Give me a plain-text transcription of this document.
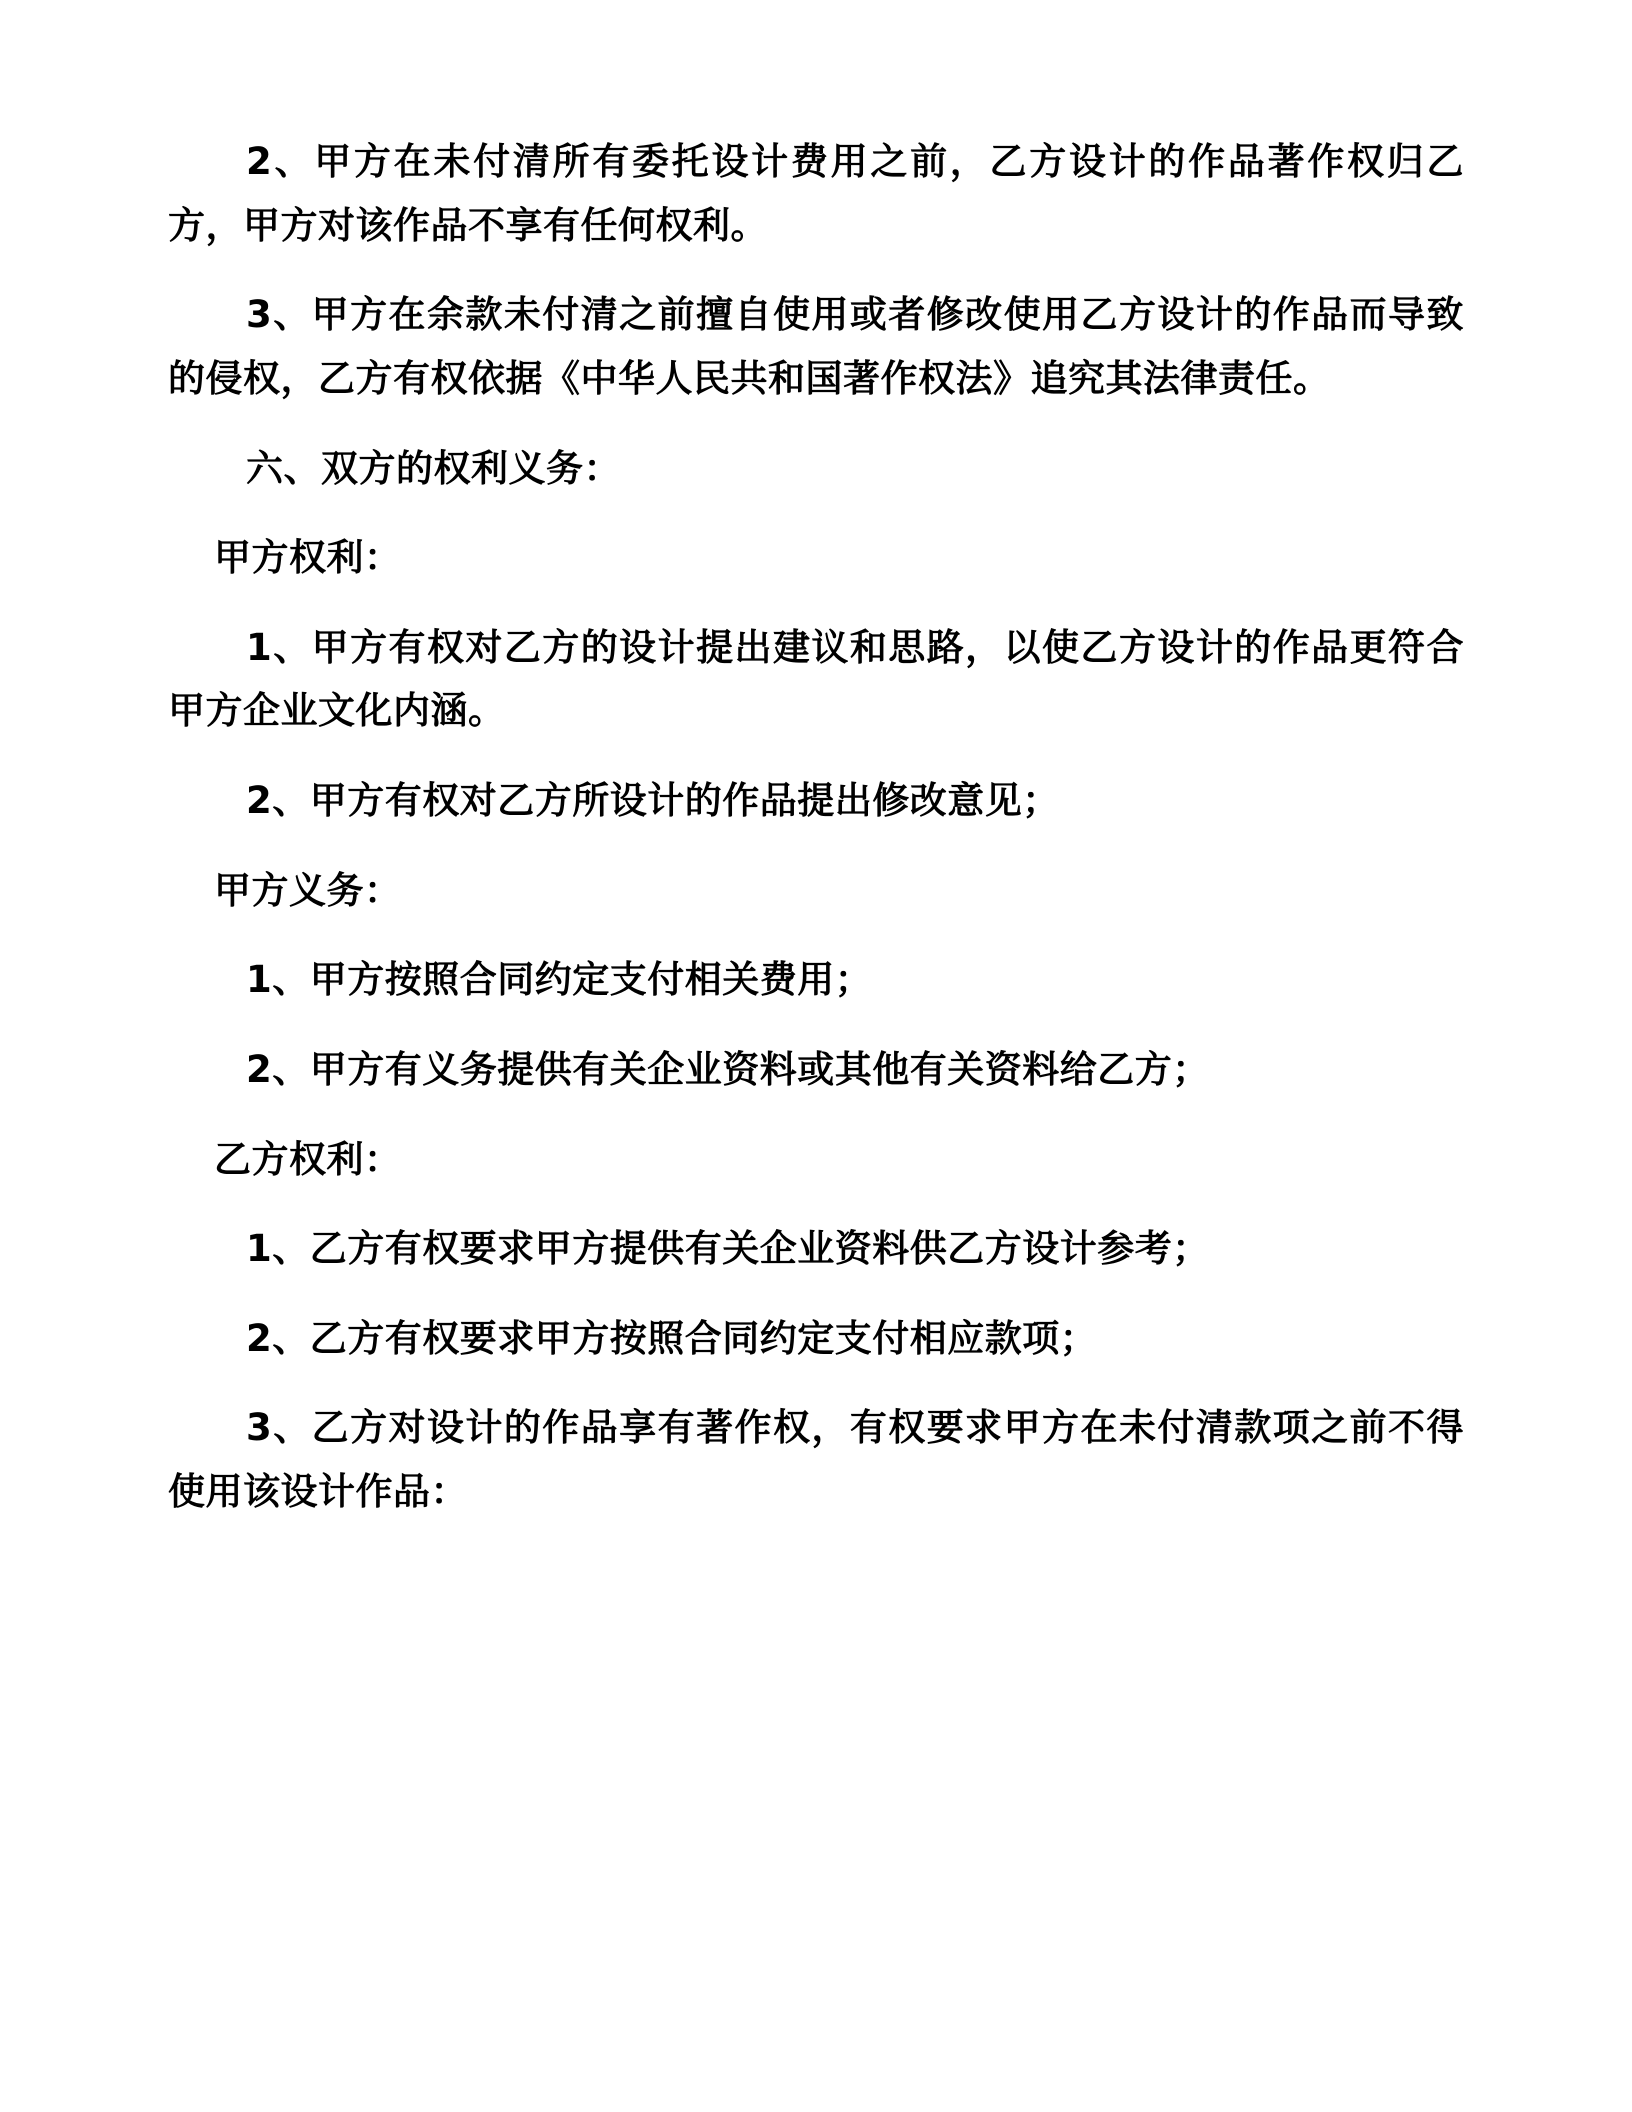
2、甲方在未付清所有委托设计费用之前，乙方设计的作品著作权归乙方，甲方对该作品不享有任何权利。

3、甲方在余款未付清之前擅自使用或者修改使用乙方设计的作品而导致的侵权，乙方有权依据《中华人民共和国著作权法》追究其法律责任。

六、双方的权利义务：

甲方权利：

1、甲方有权对乙方的设计提出建议和思路，以使乙方设计的作品更符合甲方企业文化内涵。

2、甲方有权对乙方所设计的作品提出修改意见；

甲方义务：

1、甲方按照合同约定支付相关费用；

2、甲方有义务提供有关企业资料或其他有关资料给乙方；

乙方权利：

1、乙方有权要求甲方提供有关企业资料供乙方设计参考；

2、乙方有权要求甲方按照合同约定支付相应款项；

3、乙方对设计的作品享有著作权，有权要求甲方在未付清款项之前不得使用该设计作品：
